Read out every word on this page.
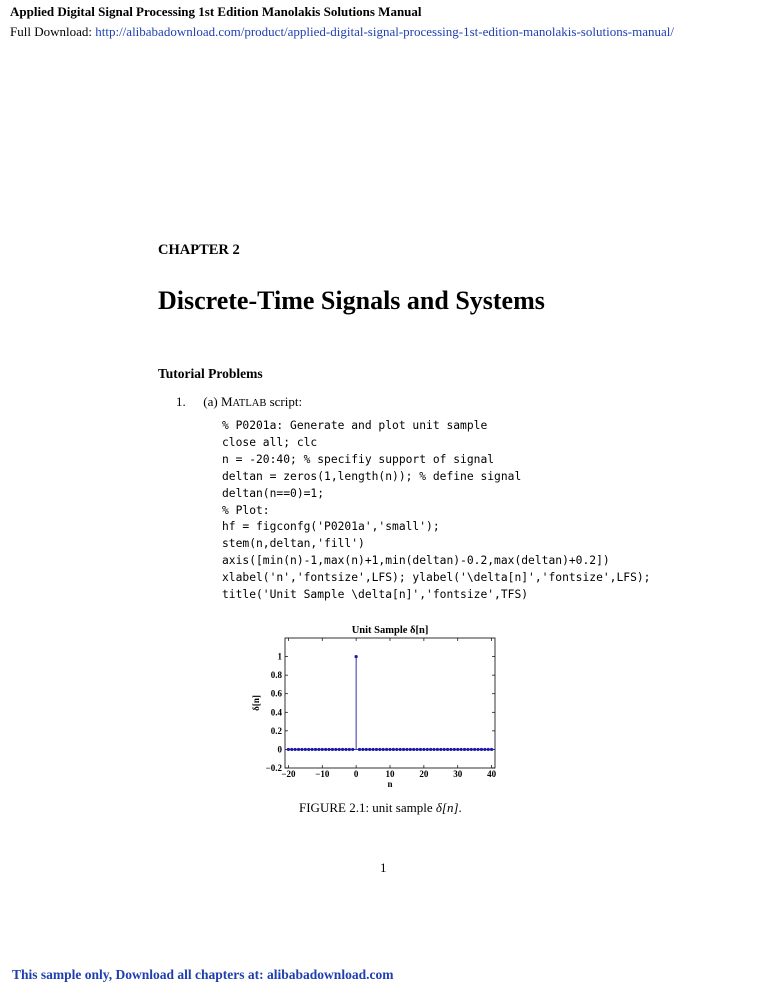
Applied Digital Signal Processing 1st Edition Manolakis Solutions Manual
Full Download: http://alibabadownload.com/product/applied-digital-signal-processing-1st-edition-manolakis-solutions-manual/
CHAPTER 2
Discrete-Time Signals and Systems
Tutorial Problems
1. (a) MATLAB script:
% P0201a: Generate and plot unit sample
close all; clc
n = -20:40; % specifiy support of signal
deltan = zeros(1,length(n)); % define signal
deltan(n==0)=1;
% Plot:
hf = figconfg('P0201a','small');
stem(n,deltan,'fill')
axis([min(n)-1,max(n)+1,min(deltan)-0.2,max(deltan)+0.2])
xlabel('n','fontsize',LFS); ylabel('\delta[n]','fontsize',LFS);
title('Unit Sample \delta[n]','fontsize',TFS)
Unit Sample δ[n]
−20 −10	0	10	20	30	40
−0.2
0
0.2
0.4
0.6
0.8
1
n
δ[n]
FIGURE 2.1: unit sample δ[n].
1
This sample only, Download all chapters at: alibabadownload.com
